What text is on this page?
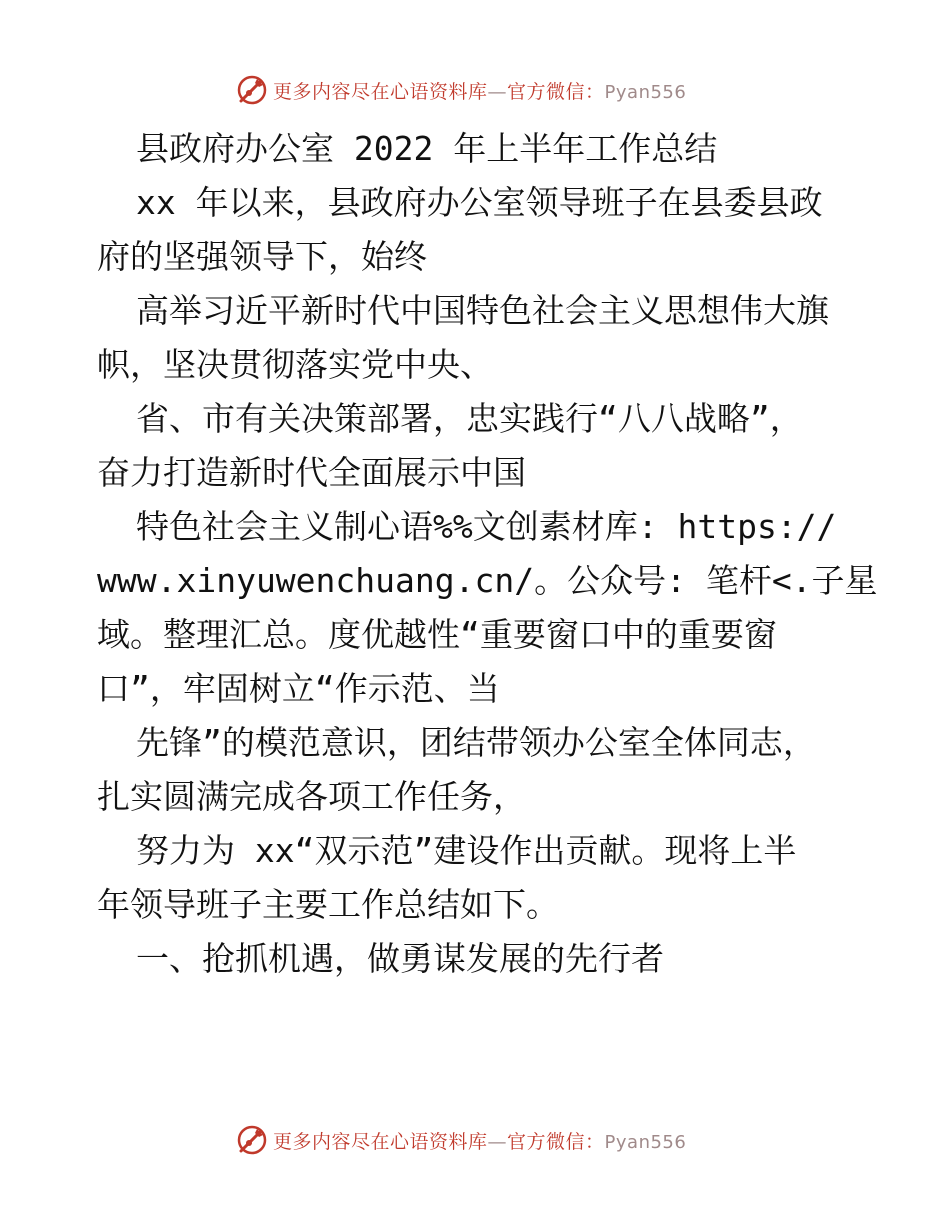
更多内容尽在心语资料库—官方微信：Pyan556
县政府办公室 2022 年上半年工作总结
xx 年以来，县政府办公室领导班子在县委县政
府的坚强领导下，始终
高举习近平新时代中国特色社会主义思想伟大旗
帜，坚决贯彻落实党中央、
省、市有关决策部署，忠实践行“八八战略”，
奋力打造新时代全面展示中国
特色社会主义制心语%%文创素材库: https://
www.xinyuwenchuang.cn/。公众号: 笔杆<.子星
域。整理汇总。度优越性“重要窗口中的重要窗
口”，牢固树立“作示范、当
先锋”的模范意识，团结带领办公室全体同志，
扎实圆满完成各项工作任务，
努力为 xx“双示范”建设作出贡献。现将上半
年领导班子主要工作总结如下。
一、抢抓机遇，做勇谋发展的先行者
更多内容尽在心语资料库—官方微信：Pyan556
